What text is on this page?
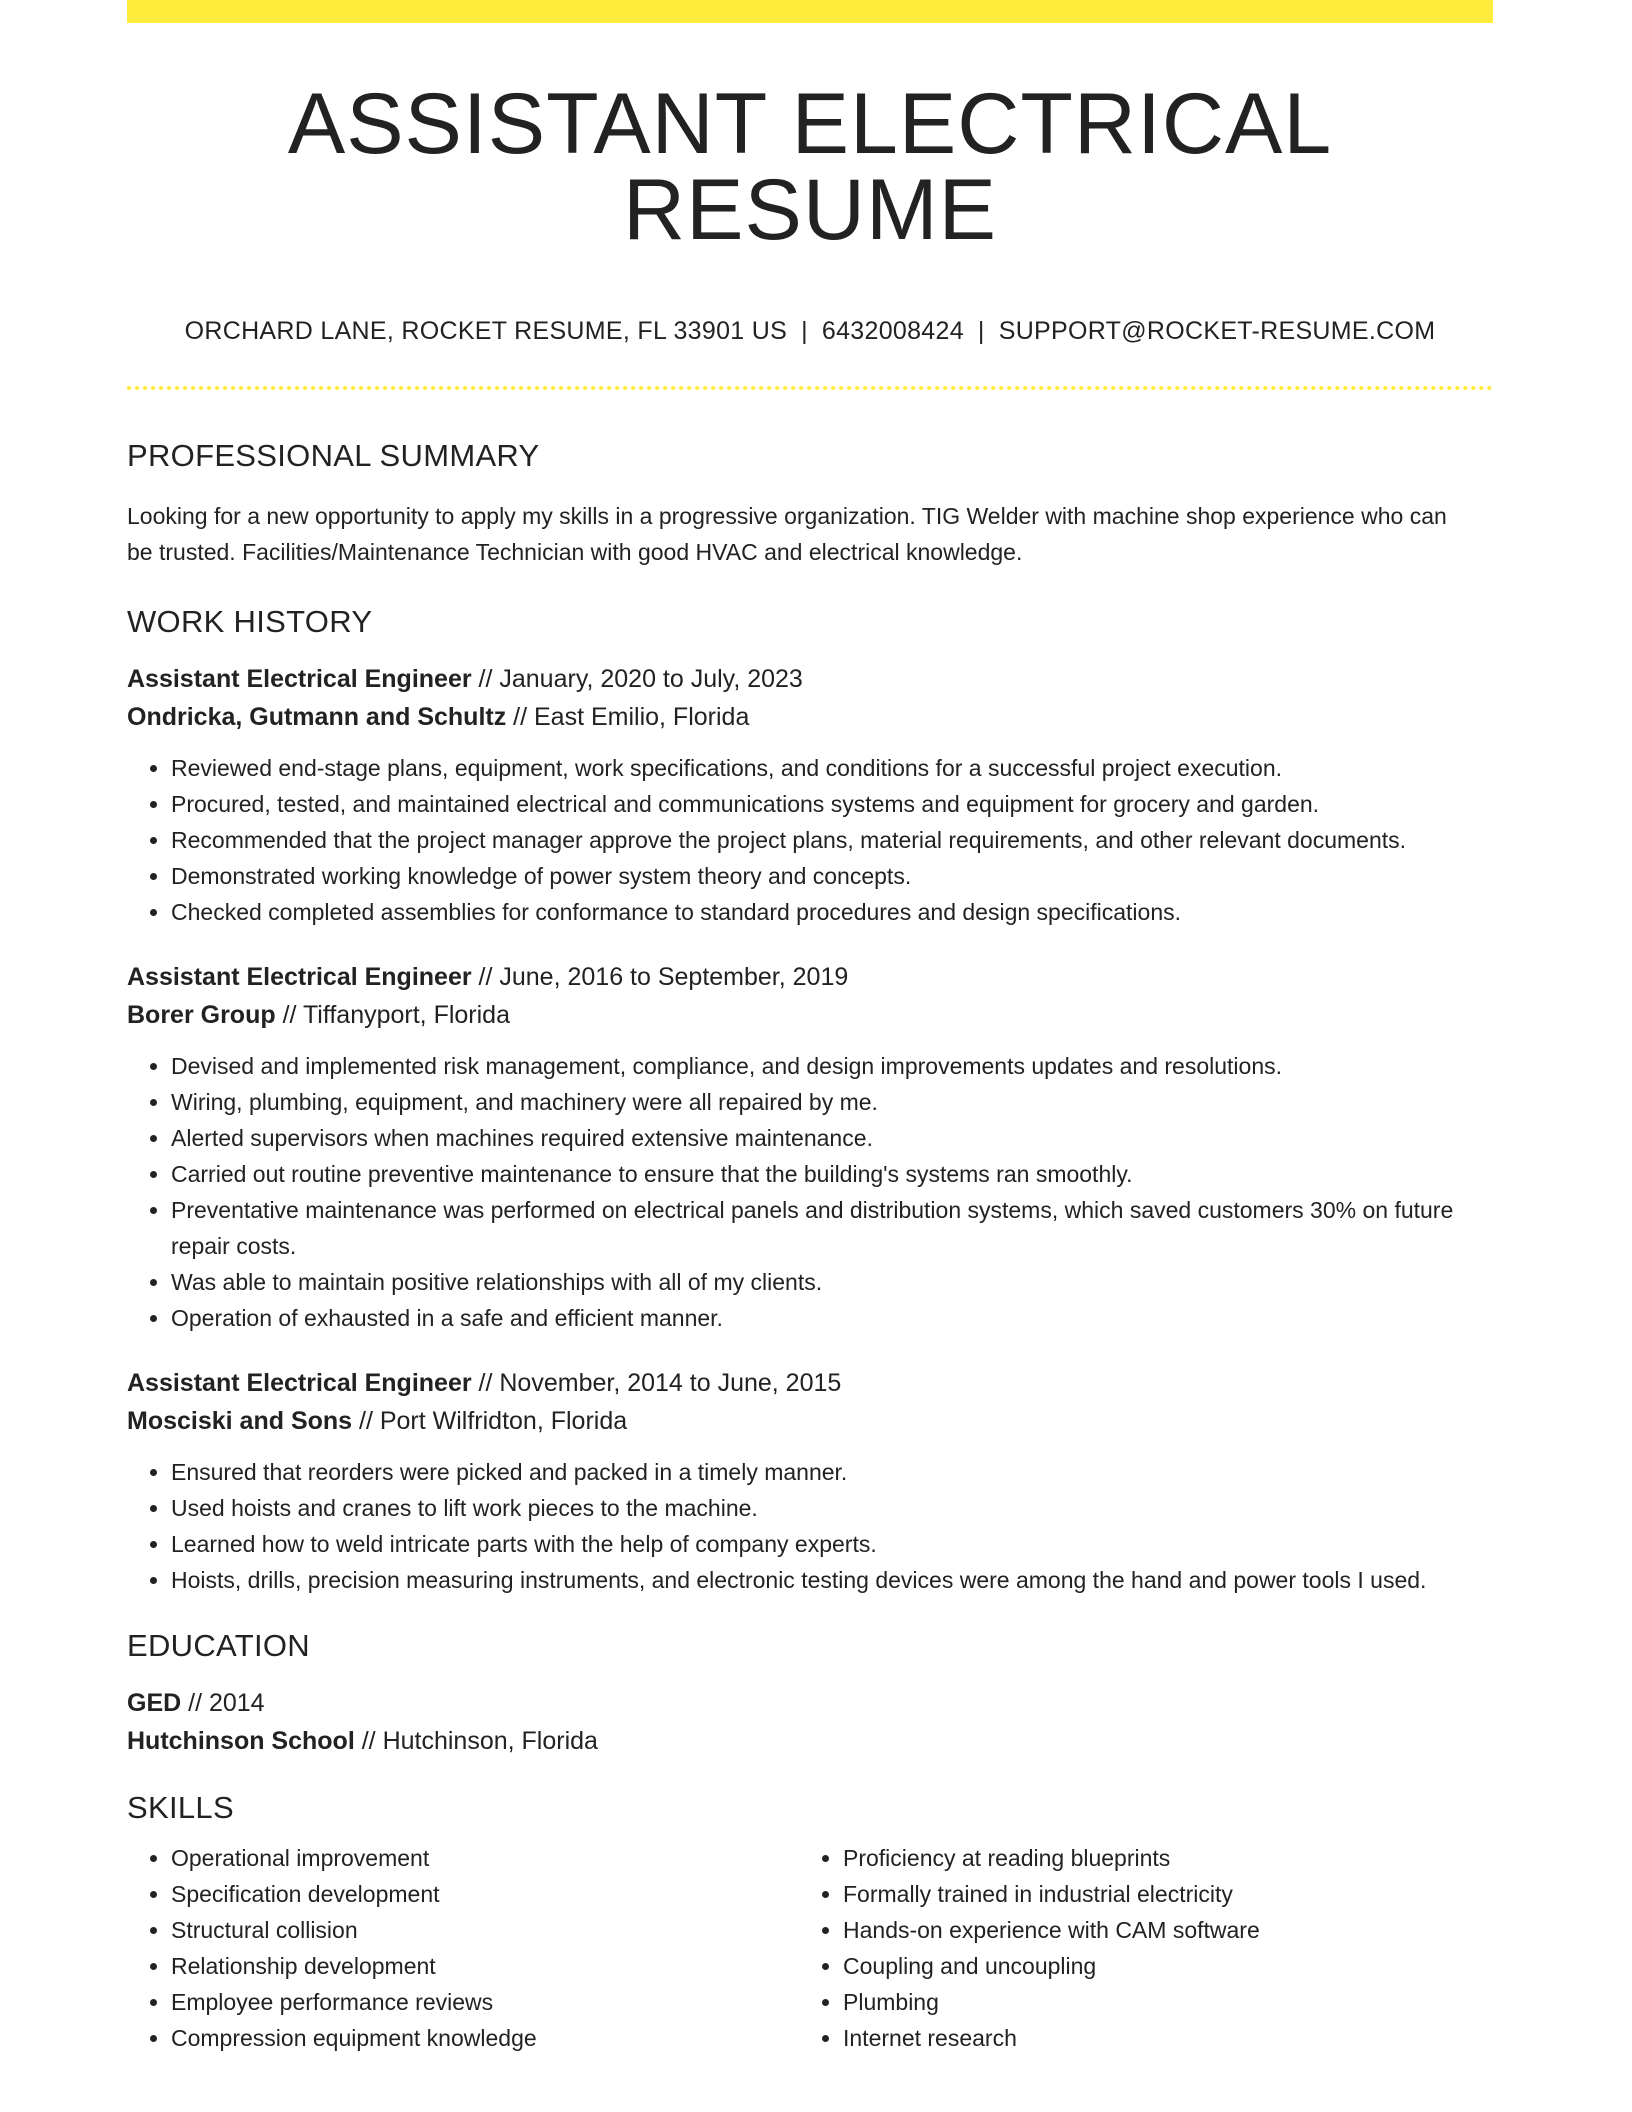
ASSISTANT ELECTRICAL RESUME
ORCHARD LANE, ROCKET RESUME, FL 33901 US | 6432008424 | SUPPORT@ROCKET-RESUME.COM
PROFESSIONAL SUMMARY
Looking for a new opportunity to apply my skills in a progressive organization. TIG Welder with machine shop experience who can be trusted. Facilities/Maintenance Technician with good HVAC and electrical knowledge.
WORK HISTORY
Assistant Electrical Engineer // January, 2020 to July, 2023
Ondricka, Gutmann and Schultz // East Emilio, Florida
• Reviewed end-stage plans, equipment, work specifications, and conditions for a successful project execution.
• Procured, tested, and maintained electrical and communications systems and equipment for grocery and garden.
• Recommended that the project manager approve the project plans, material requirements, and other relevant documents.
• Demonstrated working knowledge of power system theory and concepts.
• Checked completed assemblies for conformance to standard procedures and design specifications.
Assistant Electrical Engineer // June, 2016 to September, 2019
Borer Group // Tiffanyport, Florida
• Devised and implemented risk management, compliance, and design improvements updates and resolutions.
• Wiring, plumbing, equipment, and machinery were all repaired by me.
• Alerted supervisors when machines required extensive maintenance.
• Carried out routine preventive maintenance to ensure that the building's systems ran smoothly.
• Preventative maintenance was performed on electrical panels and distribution systems, which saved customers 30% on future repair costs.
• Was able to maintain positive relationships with all of my clients.
• Operation of exhausted in a safe and efficient manner.
Assistant Electrical Engineer // November, 2014 to June, 2015
Mosciski and Sons // Port Wilfridton, Florida
• Ensured that reorders were picked and packed in a timely manner.
• Used hoists and cranes to lift work pieces to the machine.
• Learned how to weld intricate parts with the help of company experts.
• Hoists, drills, precision measuring instruments, and electronic testing devices were among the hand and power tools I used.
EDUCATION
GED // 2014
Hutchinson School // Hutchinson, Florida
SKILLS
• Operational improvement
• Specification development
• Structural collision
• Relationship development
• Employee performance reviews
• Compression equipment knowledge
• Proficiency at reading blueprints
• Formally trained in industrial electricity
• Hands-on experience with CAM software
• Coupling and uncoupling
• Plumbing
• Internet research
